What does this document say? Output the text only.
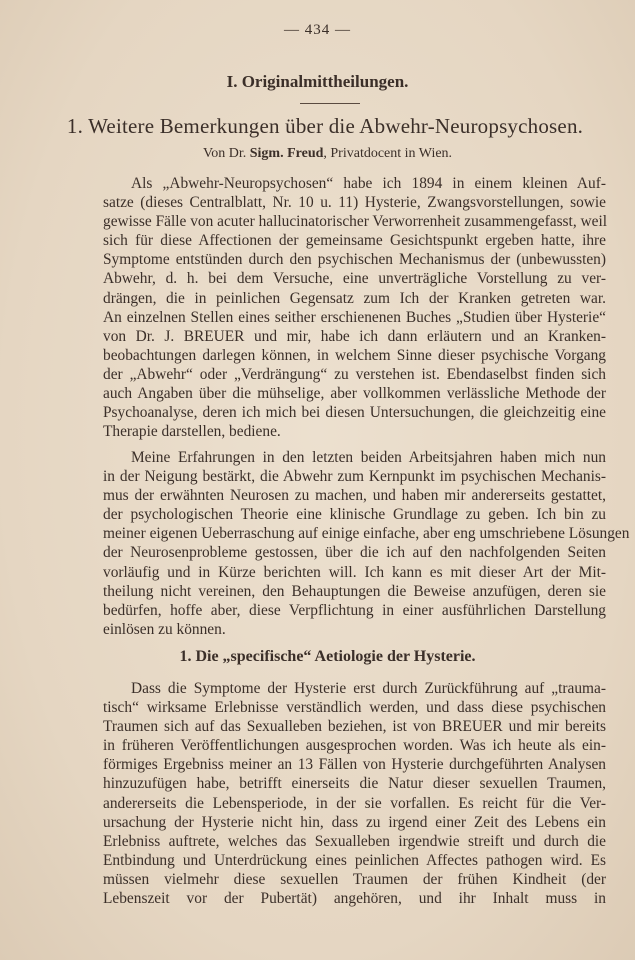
— 434 —
I. Originalmittheilungen.
1. Weitere Bemerkungen über die Abwehr-Neuropsychosen.
Von Dr. Sigm. Freud, Privatdocent in Wien.
Als „Abwehr-Neuropsychosen“ habe ich 1894 in einem kleinen Auf-
satze (dieses Centralblatt, Nr. 10 u. 11) Hysterie, Zwangsvorstellungen, sowie
gewisse Fälle von acuter hallucinatorischer Verworrenheit zusammengefasst, weil
sich für diese Affectionen der gemeinsame Gesichtspunkt ergeben hatte, ihre
Symptome entstünden durch den psychischen Mechanismus der (unbewussten)
Abwehr, d. h. bei dem Versuche, eine unverträgliche Vorstellung zu ver-
drängen, die in peinlichen Gegensatz zum Ich der Kranken getreten war.
An einzelnen Stellen eines seither erschienenen Buches „Studien über Hysterie“
von Dr. J. BREUER und mir, habe ich dann erläutern und an Kranken-
beobachtungen darlegen können, in welchem Sinne dieser psychische Vorgang
der „Abwehr“ oder „Verdrängung“ zu verstehen ist. Ebendaselbst finden sich
auch Angaben über die mühselige, aber vollkommen verlässliche Methode der
Psychoanalyse, deren ich mich bei diesen Untersuchungen, die gleichzeitig eine
Therapie darstellen, bediene.
Meine Erfahrungen in den letzten beiden Arbeitsjahren haben mich nun
in der Neigung bestärkt, die Abwehr zum Kernpunkt im psychischen Mechanis-
mus der erwähnten Neurosen zu machen, und haben mir andererseits gestattet,
der psychologischen Theorie eine klinische Grundlage zu geben. Ich bin zu
meiner eigenen Ueberraschung auf einige einfache, aber eng umschriebene Lösungen
der Neurosenprobleme gestossen, über die ich auf den nachfolgenden Seiten
vorläufig und in Kürze berichten will. Ich kann es mit dieser Art der Mit-
theilung nicht vereinen, den Behauptungen die Beweise anzufügen, deren sie
bedürfen, hoffe aber, diese Verpflichtung in einer ausführlichen Darstellung
einlösen zu können.
1. Die „specifische“ Aetiologie der Hysterie.
Dass die Symptome der Hysterie erst durch Zurückführung auf „trauma-
tisch“ wirksame Erlebnisse verständlich werden, und dass diese psychischen
Traumen sich auf das Sexualleben beziehen, ist von BREUER und mir bereits
in früheren Veröffentlichungen ausgesprochen worden. Was ich heute als ein-
förmiges Ergebniss meiner an 13 Fällen von Hysterie durchgeführten Analysen
hinzuzufügen habe, betrifft einerseits die Natur dieser sexuellen Traumen,
andererseits die Lebensperiode, in der sie vorfallen. Es reicht für die Ver-
ursachung der Hysterie nicht hin, dass zu irgend einer Zeit des Lebens ein
Erlebniss auftrete, welches das Sexualleben irgendwie streift und durch die
Entbindung und Unterdrückung eines peinlichen Affectes pathogen wird. Es
müssen vielmehr diese sexuellen Traumen der frühen Kindheit (der
Lebenszeit vor der Pubertät) angehören, und ihr Inhalt muss in
